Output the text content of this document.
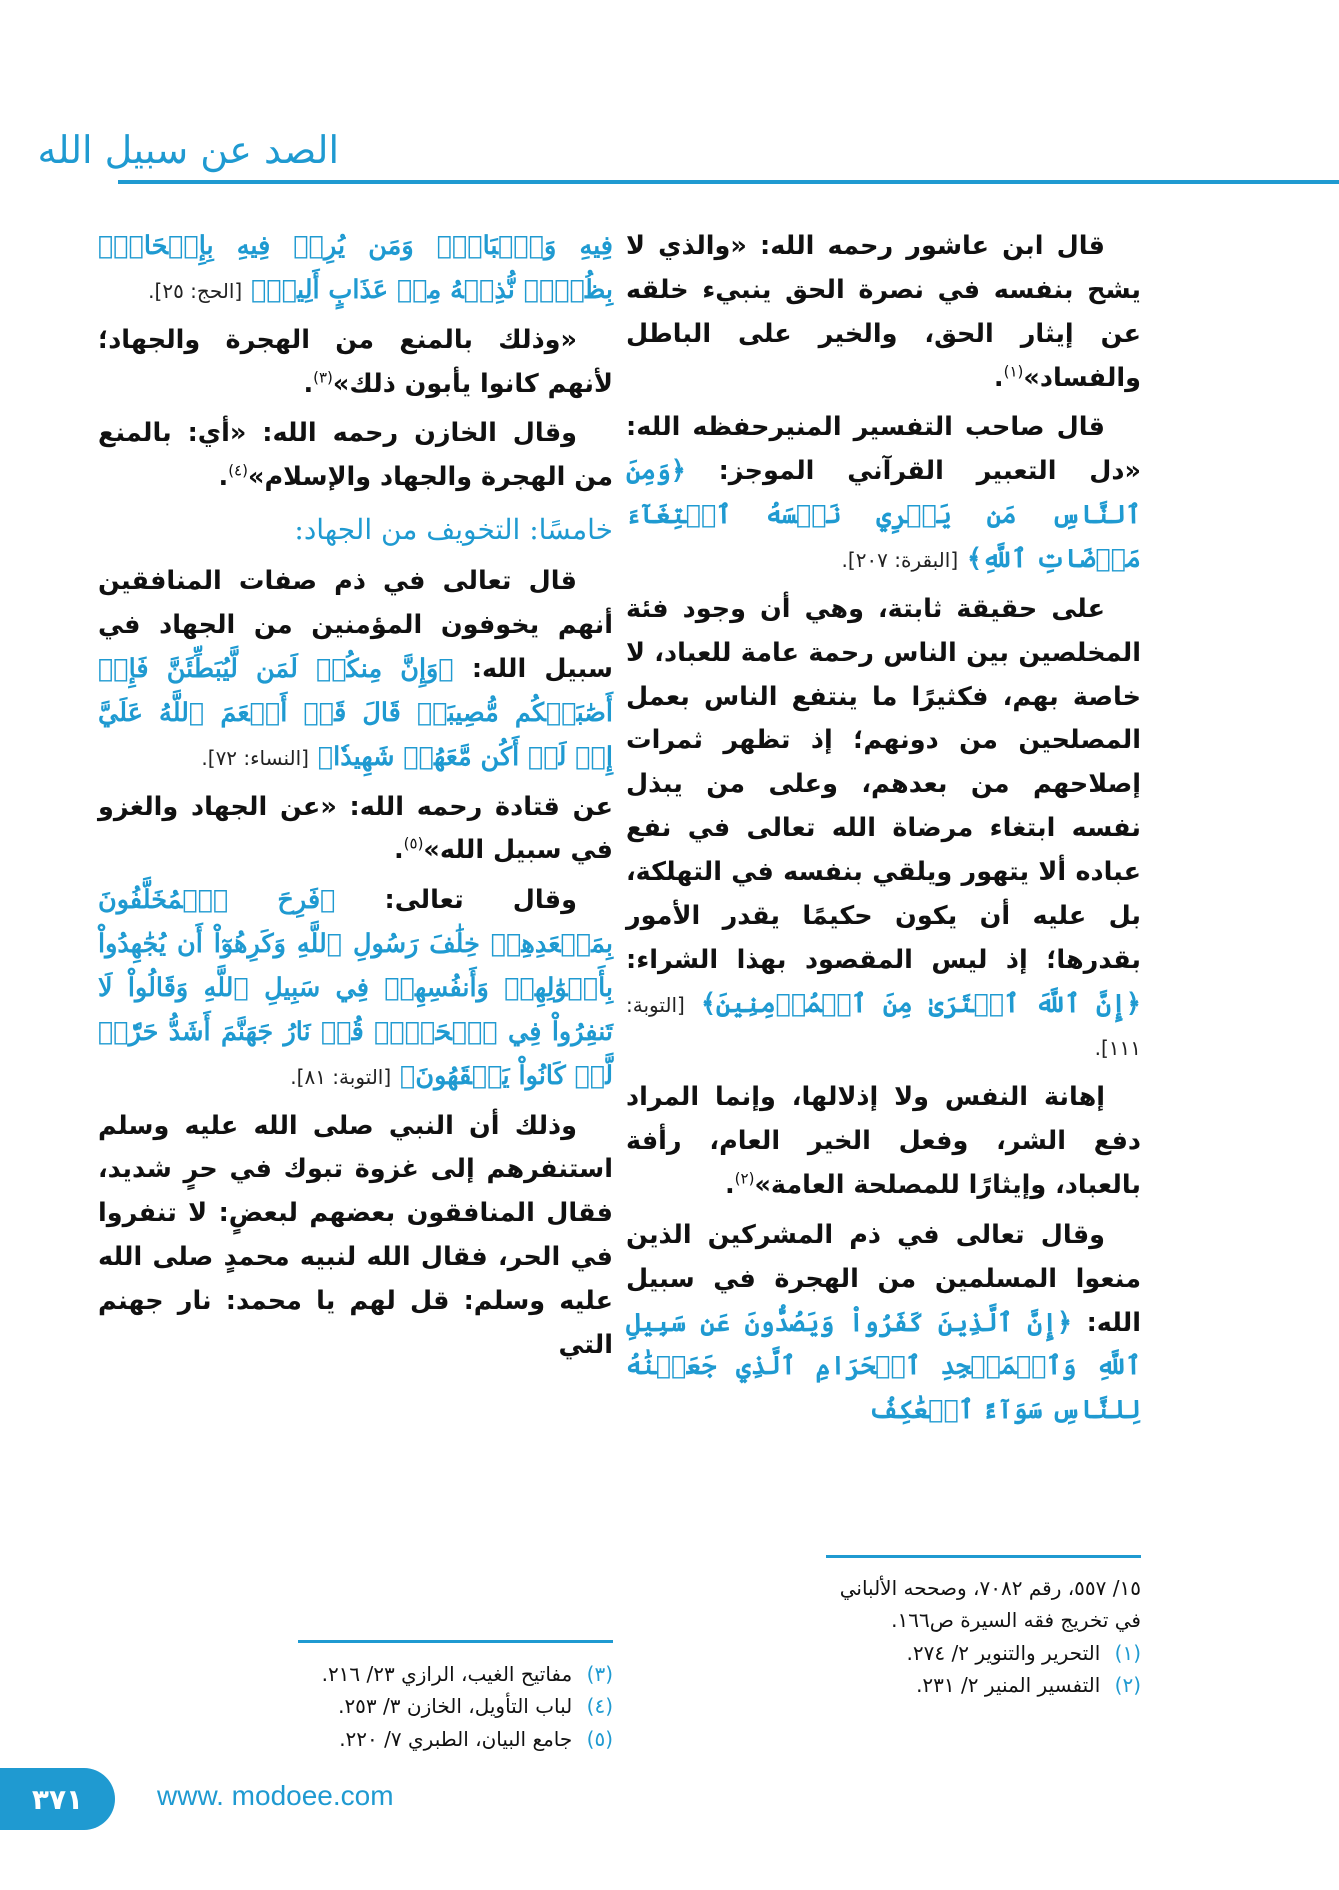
الصد عن سبيل الله

قال ابن عاشور رحمه الله: «والذي لا يشح بنفسه في نصرة الحق ينبيء خلقه عن إيثار الحق، والخير على الباطل والفساد»$^{(١)}$.

قال صاحب التفسير المنيرحفظه الله: «دل التعبير القرآني الموجز: ﴿وَمِنَ ٱلنَّاسِ مَن يَشۡرِي نَفۡسَهُ ٱبۡتِغَآءَ مَرۡضَاتِ ٱللَّهِ﴾ [البقرة: ٢٠٧].

على حقيقة ثابتة، وهي أن وجود فئة المخلصين بين الناس رحمة عامة للعباد، لا خاصة بهم، فكثيرًا ما ينتفع الناس بعمل المصلحين من دونهم؛ إذ تظهر ثمرات إصلاحهم من بعدهم، وعلى من يبذل نفسه ابتغاء مرضاة الله تعالى في نفع عباده ألا يتهور ويلقي بنفسه في التهلكة، بل عليه أن يكون حكيمًا يقدر الأمور بقدرها؛ إذ ليس المقصود بهذا الشراء: ﴿إِنَّ ٱللَّهَ ٱشۡتَرَىٰ مِنَ ٱلۡمُؤۡمِنِينَ﴾ [التوبة: ١١١].

إهانة النفس ولا إذلالها، وإنما المراد دفع الشر، وفعل الخير العام، رأفة بالعباد، وإيثارًا للمصلحة العامة»$^{(٢)}$.

وقال تعالى في ذم المشركين الذين منعوا المسلمين من الهجرة في سبيل الله: ﴿إِنَّ ٱلَّذِينَ كَفَرُواْ وَيَصُدُّونَ عَن سَبِيلِ ٱللَّهِ وَٱلۡمَسۡجِدِ ٱلۡحَرَامِ ٱلَّذِي جَعَلۡنَٰهُ لِلنَّاسِ سَوَآءً ٱلۡعَٰكِفُ

فِيهِ وَٱلۡبَادِۚ وَمَن يُرِدۡ فِيهِ بِإِلۡحَادِۭ بِظُلۡمٖ نُّذِقۡهُ مِنۡ عَذَابٍ أَلِيمٖ﴾ [الحج: ٢٥].

«وذلك بالمنع من الهجرة والجهاد؛ لأنهم كانوا يأبون ذلك»$^{(٣)}$.

وقال الخازن رحمه الله: «أي: بالمنع من الهجرة والجهاد والإسلام»$^{(٤)}$.

خامسًا: التخويف من الجهاد:

قال تعالى في ذم صفات المنافقين أنهم يخوفون المؤمنين من الجهاد في سبيل الله: ﴿وَإِنَّ مِنكُمۡ لَمَن لَّيُبَطِّئَنَّ فَإِنۡ أَصَٰبَتۡكُم مُّصِيبَةٞ قَالَ قَدۡ أَنۡعَمَ ٱللَّهُ عَلَيَّ إِذۡ لَمۡ أَكُن مَّعَهُمۡ شَهِيدٗا﴾ [النساء: ٧٢].

عن قتادة رحمه الله: «عن الجهاد والغزو في سبيل الله»$^{(٥)}$.

وقال تعالى: ﴿فَرِحَ ٱلۡمُخَلَّفُونَ بِمَقۡعَدِهِمۡ خِلَٰفَ رَسُولِ ٱللَّهِ وَكَرِهُوٓاْ أَن يُجَٰهِدُواْ بِأَمۡوَٰلِهِمۡ وَأَنفُسِهِمۡ فِي سَبِيلِ ٱللَّهِ وَقَالُواْ لَا تَنفِرُواْ فِي ٱلۡحَرِّۗ قُلۡ نَارُ جَهَنَّمَ أَشَدُّ حَرّٗاۚ لَّوۡ كَانُواْ يَفۡقَهُونَ﴾ [التوبة: ٨١].

وذلك أن النبي صلى الله عليه وسلم استنفرهم إلى غزوة تبوك في حرٍ شديد، فقال المنافقون بعضهم لبعضٍ: لا تنفروا في الحر، فقال الله لنبيه محمدٍ صلى الله عليه وسلم: قل لهم يا محمد: نار جهنم التي

١٥/ ٥٥٧، رقم ٧٠٨٢، وصححه الألباني

في تخريج فقه السيرة ص١٦٦.

(١) التحرير والتنوير ٢/ ٢٧٤.

(٢) التفسير المنير ٢/ ٢٣١.

(٣) مفاتيح الغيب، الرازي ٢٣/ ٢١٦.

(٤) لباب التأويل، الخازن ٣/ ٢٥٣.

(٥) جامع البيان، الطبري ٧/ ٢٢٠.

٣٧١	www. modoee.com
